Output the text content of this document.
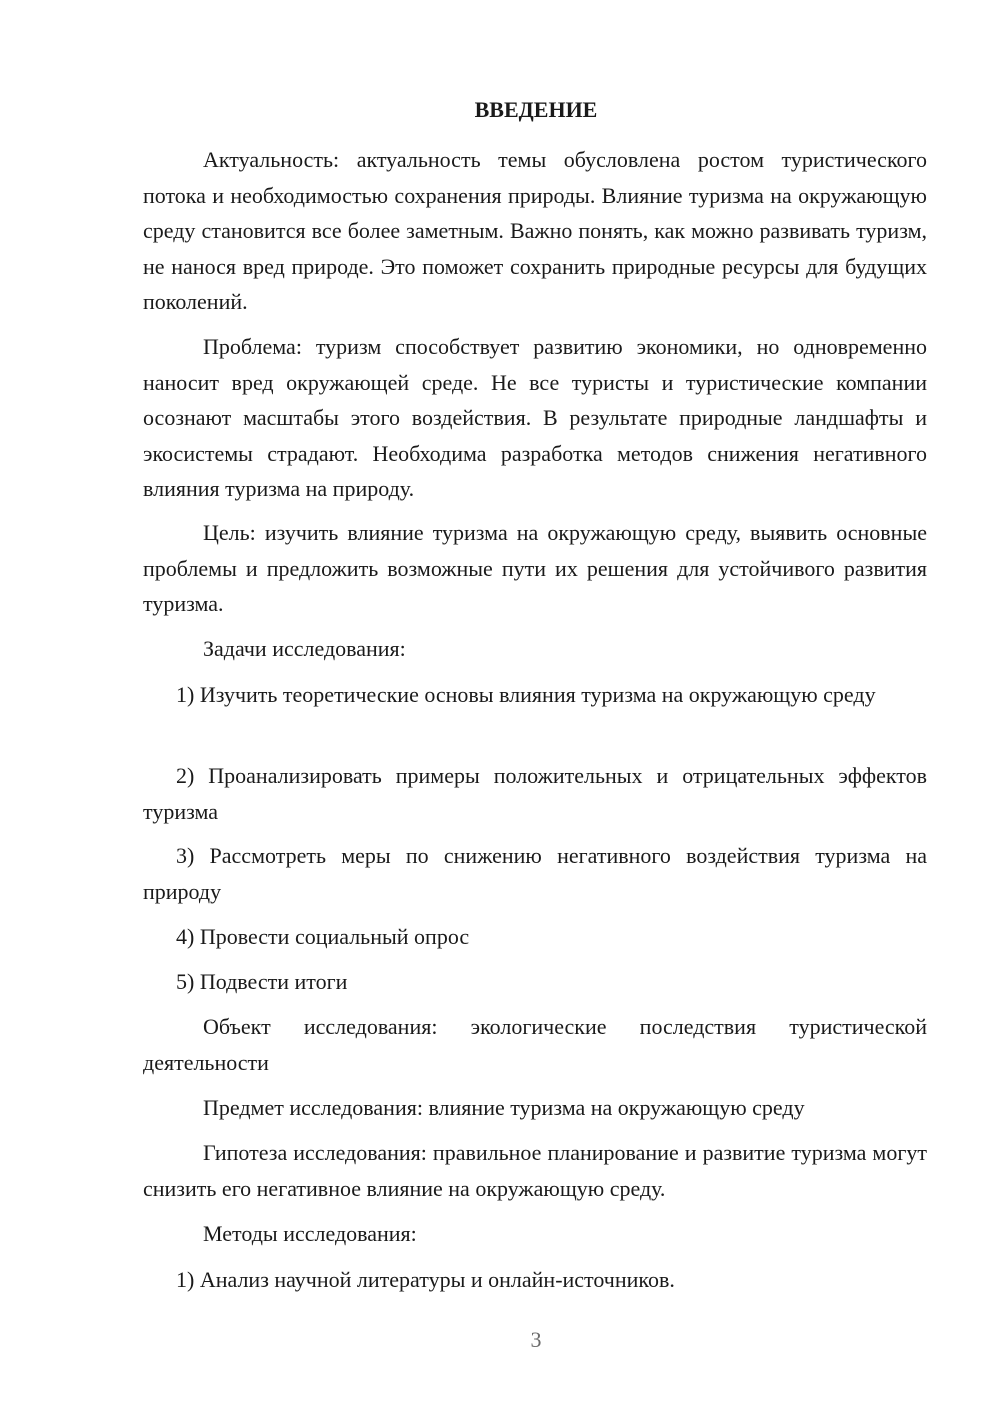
ВВЕДЕНИЕ

Актуальность: актуальность темы обусловлена ростом туристического потока и необходимостью сохранения природы. Влияние туризма на окружающую среду становится все более заметным. Важно понять, как можно развивать туризм, не нанося вред природе. Это поможет сохранить природные ресурсы для будущих поколений.

Проблема: туризм способствует развитию экономики, но одновременно наносит вред окружающей среде. Не все туристы и туристические компании осознают масштабы этого воздействия. В результате природные ландшафты и экосистемы страдают. Необходима разработка методов снижения негативного влияния туризма на природу.

Цель: изучить влияние туризма на окружающую среду, выявить основные проблемы и предложить возможные пути их решения для устойчивого развития туризма.

Задачи исследования:

1) Изучить теоретические основы влияния туризма на окружающую среду

2) Проанализировать примеры положительных и отрицательных эффектов туризма

3) Рассмотреть меры по снижению негативного воздействия туризма на природу

4) Провести социальный опрос

5) Подвести итоги

Объект исследования: экологические последствия туристической деятельности

Предмет исследования: влияние туризма на окружающую среду

Гипотеза исследования: правильное планирование и развитие туризма могут снизить его негативное влияние на окружающую среду.

Методы исследования:

1) Анализ научной литературы и онлайн-источников.

3
